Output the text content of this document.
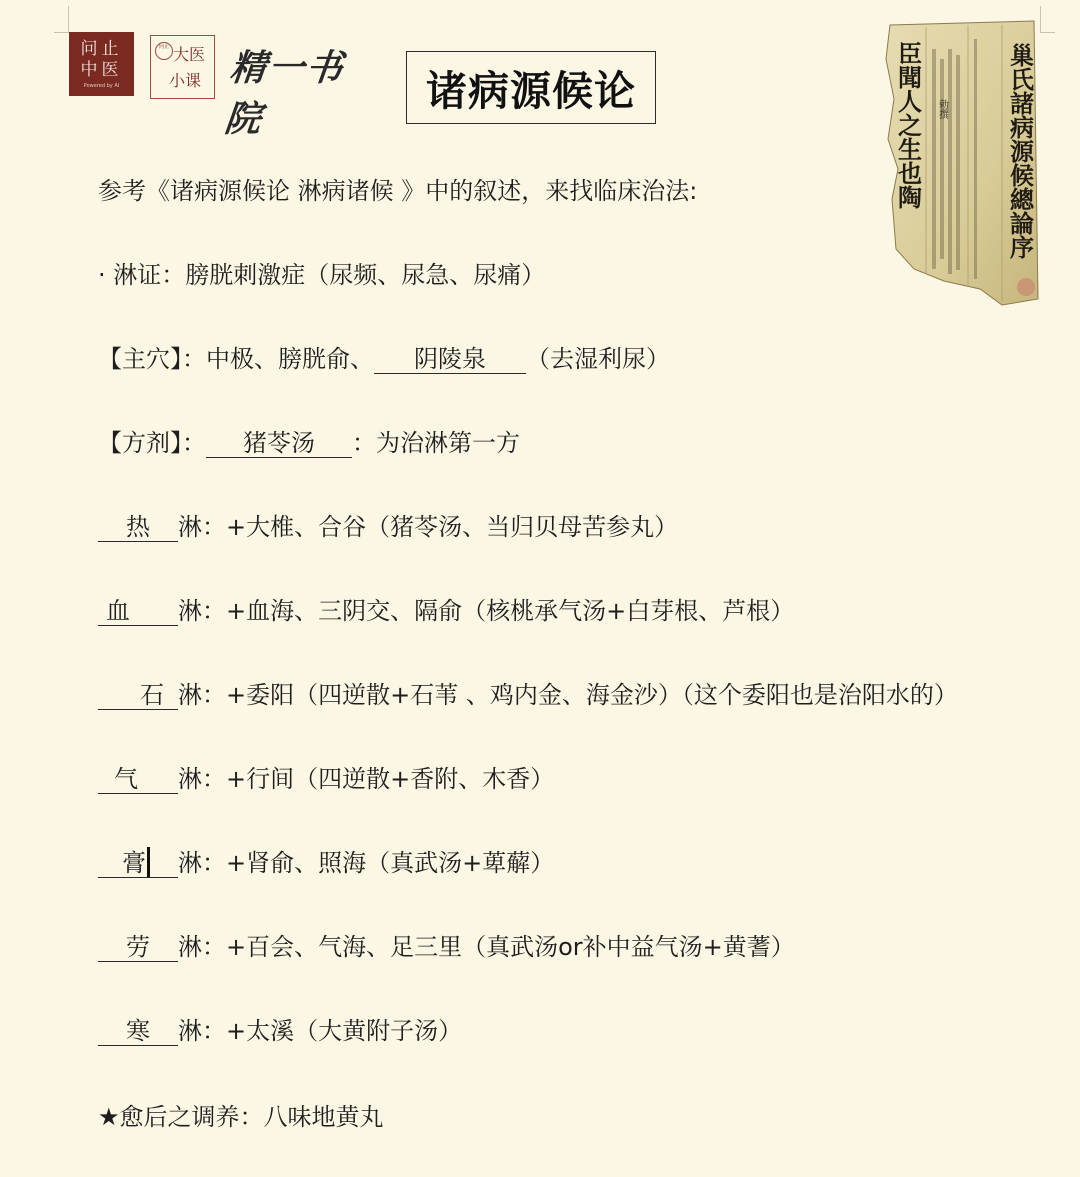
问止
中医
Powered by AI
问止 大医
小课 精一书院
诸病源候论	巢氏諸病源候總論序
臣聞人之生也陶 勅撰
参考《诸病源候论 淋病诸候 》中的叙述，来找临床治法:
· 淋证：膀胱刺激症（尿频、尿急、尿痛）
【主穴】：中极、膀胱俞、 阴陵泉 （去湿利尿）
【方剂】： 猪苓汤 ：为治淋第一方
热 淋：+大椎、合谷（猪苓汤、当归贝母苦参丸）
血 淋：+血海、三阴交、隔俞（核桃承气汤+白芽根、芦根）
石 淋：+委阳（四逆散+石苇 、鸡内金、海金沙）（这个委阳也是治阳水的）
气 淋：+行间（四逆散+香附、木香）
膏 淋：+肾俞、照海（真武汤+萆薢）
劳 淋：+百会、气海、足三里（真武汤or补中益气汤+黄蓍）
寒 淋：+太溪（大黄附子汤）
★愈后之调养：八味地黄丸
